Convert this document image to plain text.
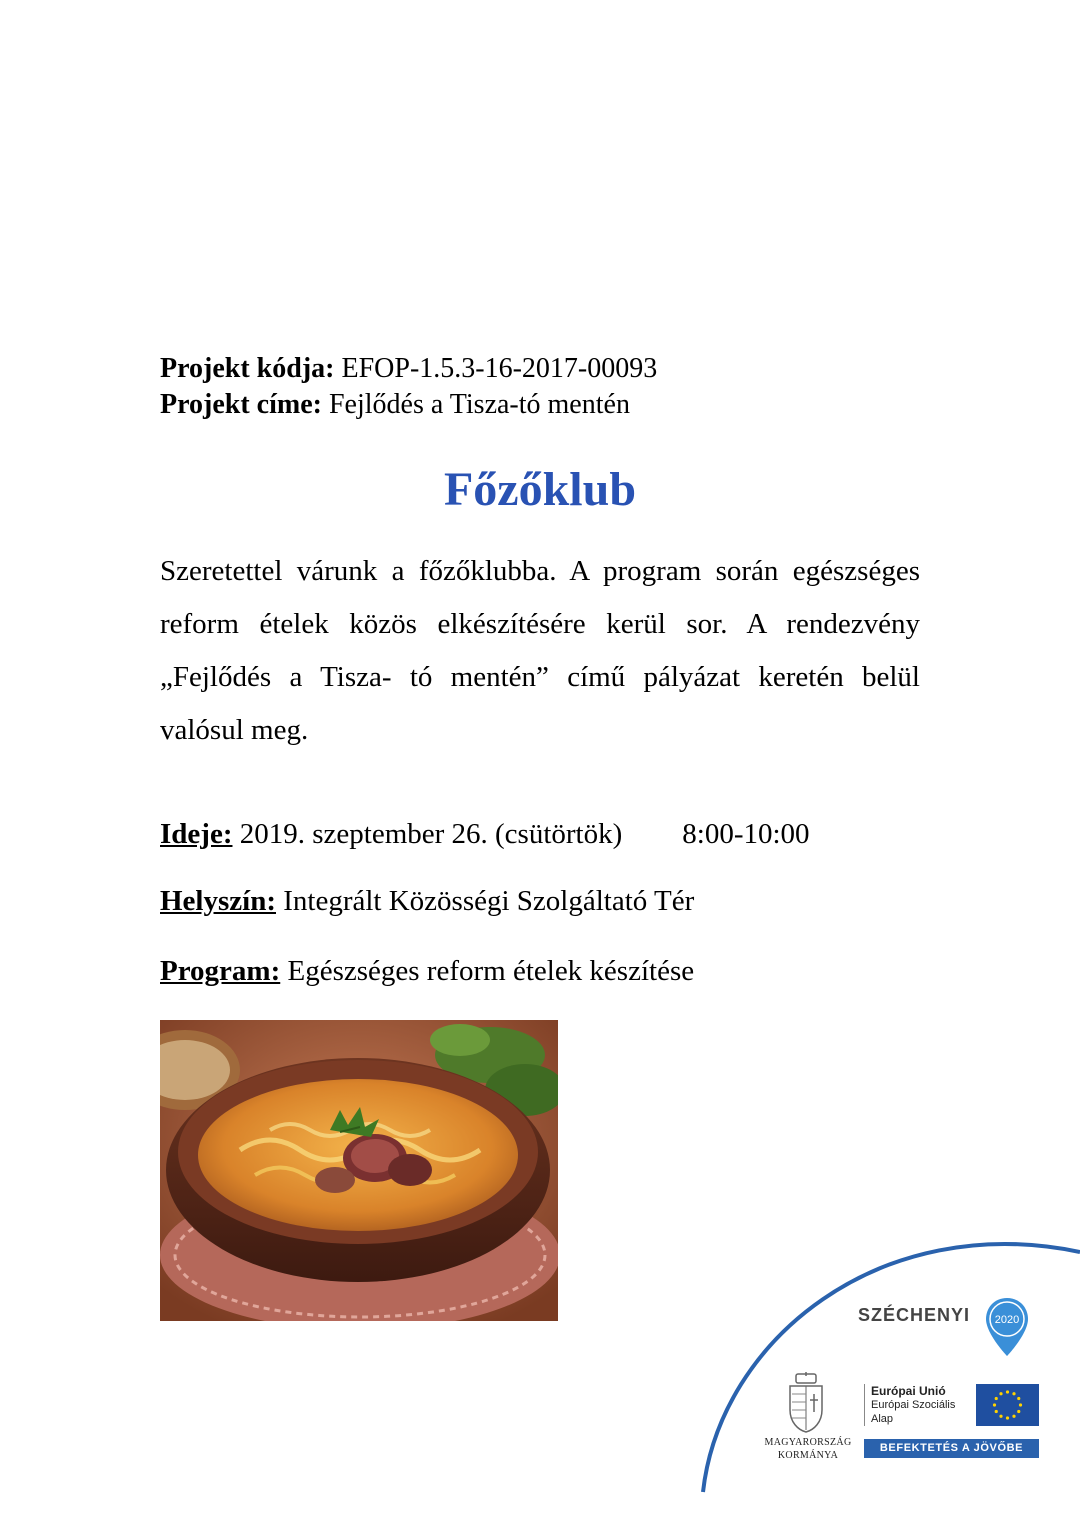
Projekt kódja: EFOP-1.5.3-16-2017-00093
Projekt címe: Fejlődés a Tisza-tó mentén
Főzőklub

Szeretettel várunk a főzőklubba. A program során egészséges reform ételek közös elkészítésére kerül sor. A rendezvény „Fejlődés a Tisza- tó mentén” című pályázat keretén belül valósul meg.

Ideje: 2019. szeptember 26. (csütörtök) 8:00-10:00
Helyszín: Integrált Közösségi Szolgáltató Tér
Program: Egészséges reform ételek készítése
SZÉCHENYI 2020
MAGYARORSZÁG
KORMÁNYA
Európai Unió
Európai Szociális
Alap
BEFEKTETÉS A JÖVŐBE
